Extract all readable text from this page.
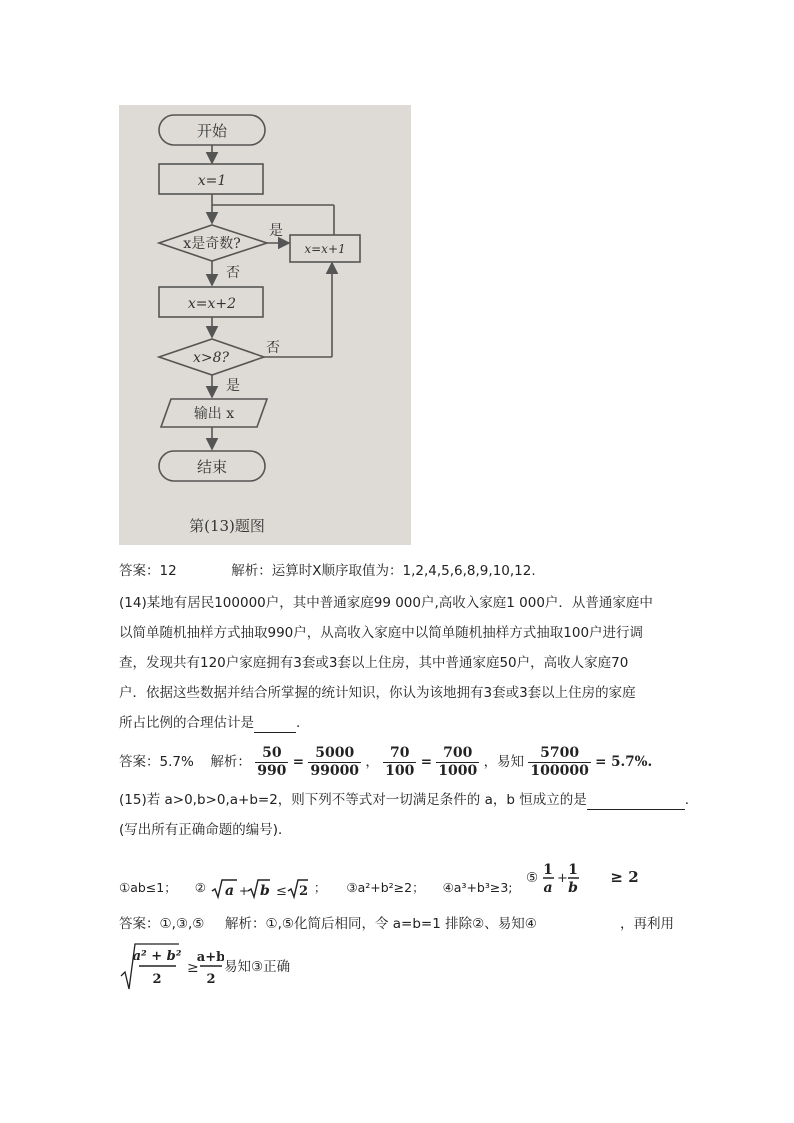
开始
x=1
x是奇数?
是
否
x=x+1
x=x+2
x>8?
否
是
输出 x
结束
第(13)题图
答案：12	解析：运算时X顺序取值为：1,2,4,5,6,8,9,10,12.
(14)某地有居民100000户，其中普通家庭99 000户,高收入家庭1 000户．从普通家庭中
以简单随机抽样方式抽取990户，从高收入家庭中以简单随机抽样方式抽取100户进行调
查，发现共有120户家庭拥有3套或3套以上住房，其中普通家庭50户，高收人家庭70
户．依据这些数据并结合所掌握的统计知识，你认为该地拥有3套或3套以上住房的家庭
所占比例的合理估计是	.
答案：5.7% 解析： $\frac{50}{990} = \frac{5000}{99000}$ ， $\frac{70}{100} = \frac{700}{1000}$ ，易知 $\frac{5700}{100000} = 5.7\%$.
(15)若 a>0,b>0,a+b=2，则下列不等式对一切满足条件的 a，b 恒成立的是	.
(写出所有正确命题的编号)．
①ab≤1； ② a + b ≤ 2 ； ③a²+b²≥2； ④a³+b³≥3;
⑤ 1
a
+
1
b
≥ 2
答案：①,③,⑤ 解析：①,⑤化简后相同，令 a=b=1 排除②、易知④	，再利用
a² + b²
2
≥
a+b
2
易知③正确
